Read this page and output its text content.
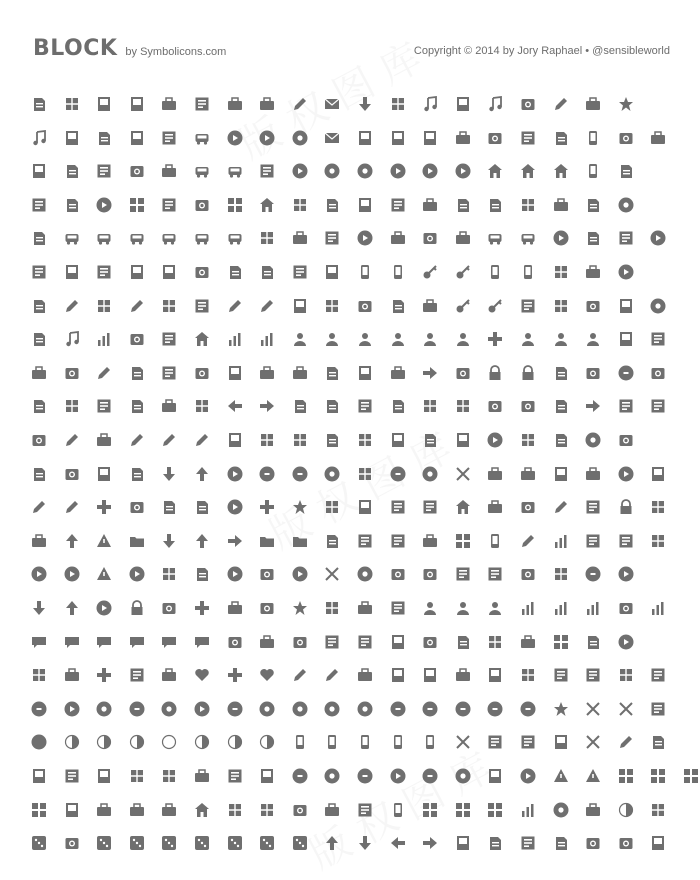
BLOCK by Symbolicons.com	Copyright © 2014 by Jory Raphael • @sensibleworld
